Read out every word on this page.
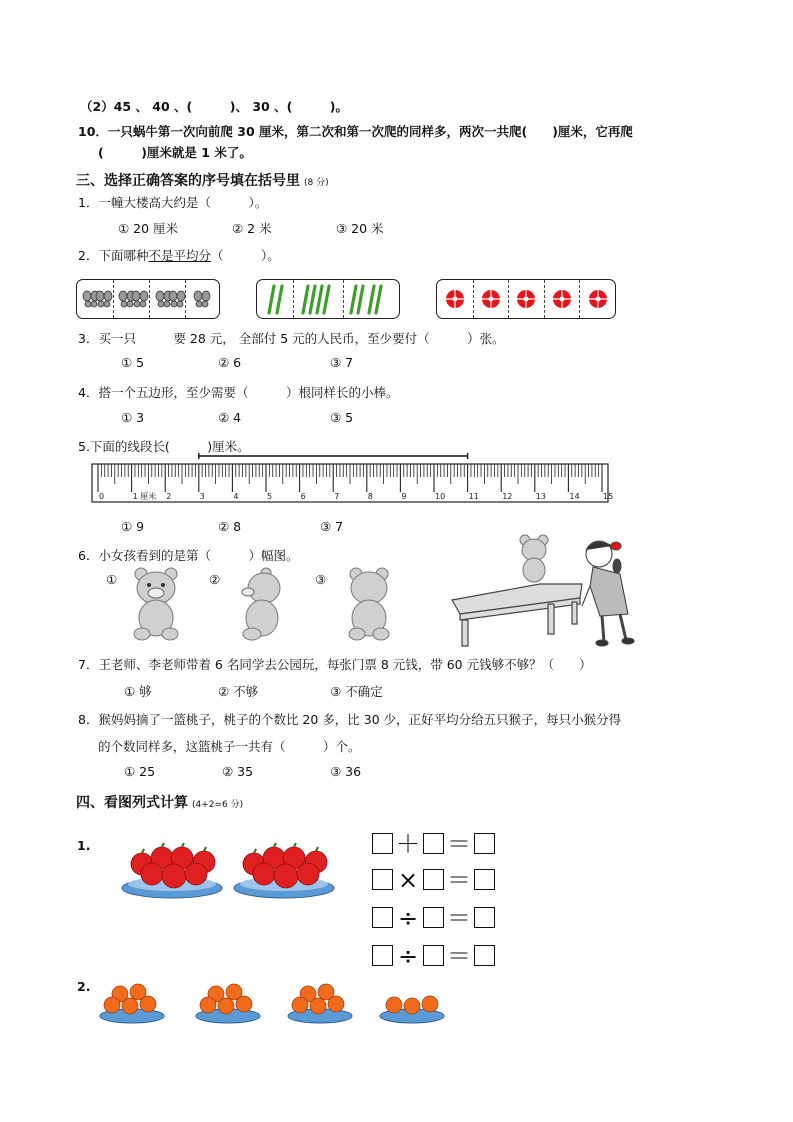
（2）45 、 40 、(　　　)、 30 、(　　　)。
10．一只蜗牛第一次向前爬 30 厘米，第二次和第一次爬的同样多，两次一共爬(　　)厘米，它再爬
(　　　)厘米就是 1 米了。
三、选择正确答案的序号填在括号里 (8 分)
1．一幢大楼高大约是（　　　）。
① 20 厘米	② 2 米	③ 20 米
2．下面哪种不是平均分（　　　）。
3．买一只　　　要 28 元， 全部付 5 元的人民币，至少要付（　　　）张。
① 5	② 6	③ 7
4．搭一个五边形，至少需要（　　　）根同样长的小棒。
① 3	② 4	③ 5
5.下面的线段长(　　　)厘米。
0	1 厘米 2	3	4	5	6	7	8	9	10	11	12	13	14	15
① 9	② 8	③ 7
6．小女孩看到的是第（　　　）幅图。
①	②	③
7．王老师、李老师带着 6 名同学去公园玩，每张门票 8 元钱，带 60 元钱够不够？（　　）
① 够	② 不够	③ 不确定
8．猴妈妈摘了一篮桃子，桃子的个数比 20 多，比 30 少，正好平均分给五只猴子，每只小猴分得
的个数同样多，这篮桃子一共有（　　　）个。
① 25	② 35	③ 36
四、看图列式计算 (4+2=6 分)
1.
2.
＋ ＝
× ＝
÷ ＝
÷ ＝
